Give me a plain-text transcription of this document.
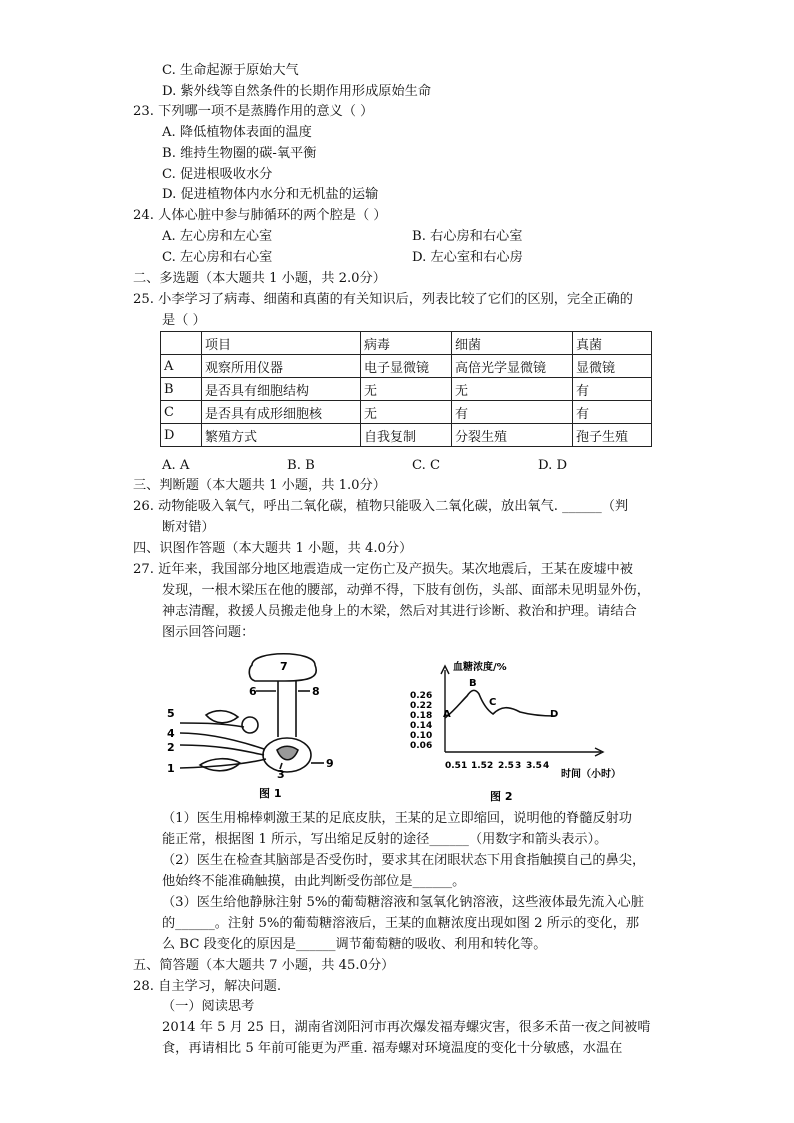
C. 生命起源于原始大气
D. 紫外线等自然条件的长期作用形成原始生命
23. 下列哪一项不是蒸腾作用的意义（ ）
A. 降低植物体表面的温度
B. 维持生物圈的碳-氧平衡
C. 促进根吸收水分
D. 促进植物体内水分和无机盐的运输
24. 人体心脏中参与肺循环的两个腔是（ ）
A. 左心房和左心室	B. 右心房和右心室
C. 左心房和右心室	D. 左心室和右心房
二、多选题（本大题共 1 小题，共 2.0分）
25. 小李学习了病毒、细菌和真菌的有关知识后，列表比较了它们的区别，完全正确的
是（ ）
	项目	病毒	细菌	真菌
A	观察所用仪器	电子显微镜	高倍光学显微镜	显微镜
B	是否具有细胞结构	无	无	有
C	是否具有成形细胞核	无	有	有
D	繁殖方式	自我复制	分裂生殖	孢子生殖
A. A	B. B	C. C	D. D
三、判断题（本大题共 1 小题，共 1.0分）
26. 动物能吸入氧气，呼出二氧化碳，植物只能吸入二氧化碳，放出氧气. ______（判
断对错）
四、识图作答题（本大题共 1 小题，共 4.0分）
27. 近年来，我国部分地区地震造成一定伤亡及产损失。某次地震后，王某在废墟中被
发现，一根木梁压在他的腰部，动弹不得，下肢有创伤，头部、面部未见明显外伤，
神志清醒，救援人员搬走他身上的木梁，然后对其进行诊断、救治和护理。请结合
图示回答问题：
7
6	8
5
4
2
1	3
9
图 1
血糖浓度/%
0.26
0.22
0.18
0.14
0.10
0.06
0.5 1 1.5 2 2.5 3 3.5 4
时间（小时）
A
B
C
D
图 2
（1）医生用棉棒刺激王某的足底皮肤，王某的足立即缩回，说明他的脊髓反射功
能正常，根据图 1 所示，写出缩足反射的途径______（用数字和箭头表示）。
（2）医生在检查其脑部是否受伤时，要求其在闭眼状态下用食指触摸自己的鼻尖，
他始终不能准确触摸，由此判断受伤部位是______。
（3）医生给他静脉注射 5%的葡萄糖溶液和氢氧化钠溶液，这些液体最先流入心脏
的______。注射 5%的葡萄糖溶液后，王某的血糖浓度出现如图 2 所示的变化，那
么 BC 段变化的原因是______调节葡萄糖的吸收、利用和转化等。
五、简答题（本大题共 7 小题，共 45.0分）
28. 自主学习，解决问题.
（一）阅读思考
2014 年 5 月 25 日，湖南省浏阳河市再次爆发福寿螺灾害，很多禾苗一夜之间被啃
食，再请相比 5 年前可能更为严重. 福寿螺对环境温度的变化十分敏感，水温在
